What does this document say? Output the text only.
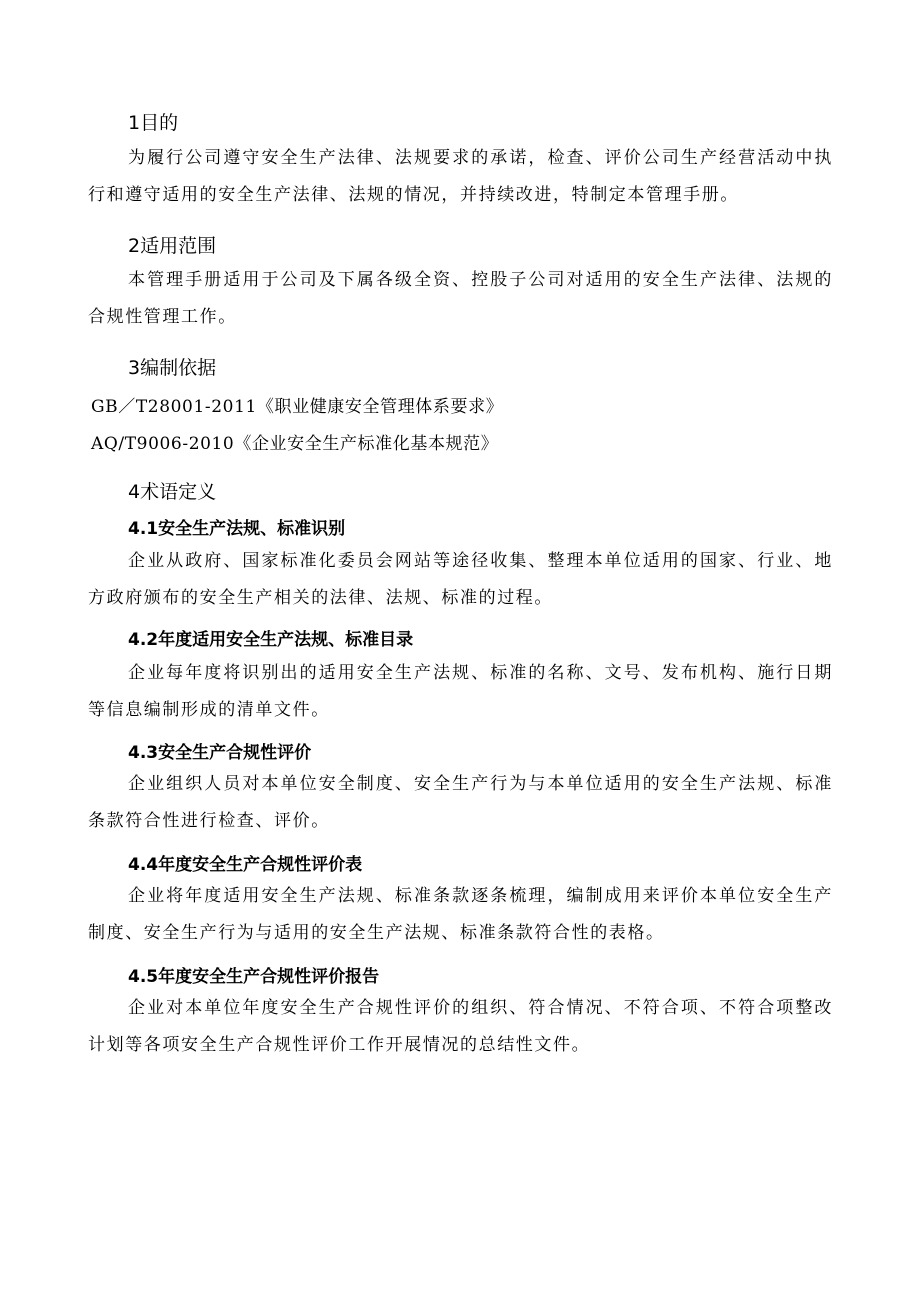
1目的

为履行公司遵守安全生产法律、法规要求的承诺，检查、评价公司生产经营活动中执行和遵守适用的安全生产法律、法规的情况，并持续改进，特制定本管理手册。

2适用范围

本管理手册适用于公司及下属各级全资、控股子公司对适用的安全生产法律、法规的合规性管理工作。

3编制依据
GB／T28001-2011《职业健康安全管理体系要求》
AQ/T9006-2010《企业安全生产标准化基本规范》
4术语定义
4.1安全生产法规、标准识别

企业从政府、国家标准化委员会网站等途径收集、整理本单位适用的国家、行业、地方政府颁布的安全生产相关的法律、法规、标准的过程。

4.2年度适用安全生产法规、标准目录

企业每年度将识别出的适用安全生产法规、标准的名称、文号、发布机构、施行日期等信息编制形成的清单文件。

4.3安全生产合规性评价

企业组织人员对本单位安全制度、安全生产行为与本单位适用的安全生产法规、标准条款符合性进行检查、评价。

4.4年度安全生产合规性评价表

企业将年度适用安全生产法规、标准条款逐条梳理，编制成用来评价本单位安全生产制度、安全生产行为与适用的安全生产法规、标准条款符合性的表格。

4.5年度安全生产合规性评价报告

企业对本单位年度安全生产合规性评价的组织、符合情况、不符合项、不符合项整改计划等各项安全生产合规性评价工作开展情况的总结性文件。
